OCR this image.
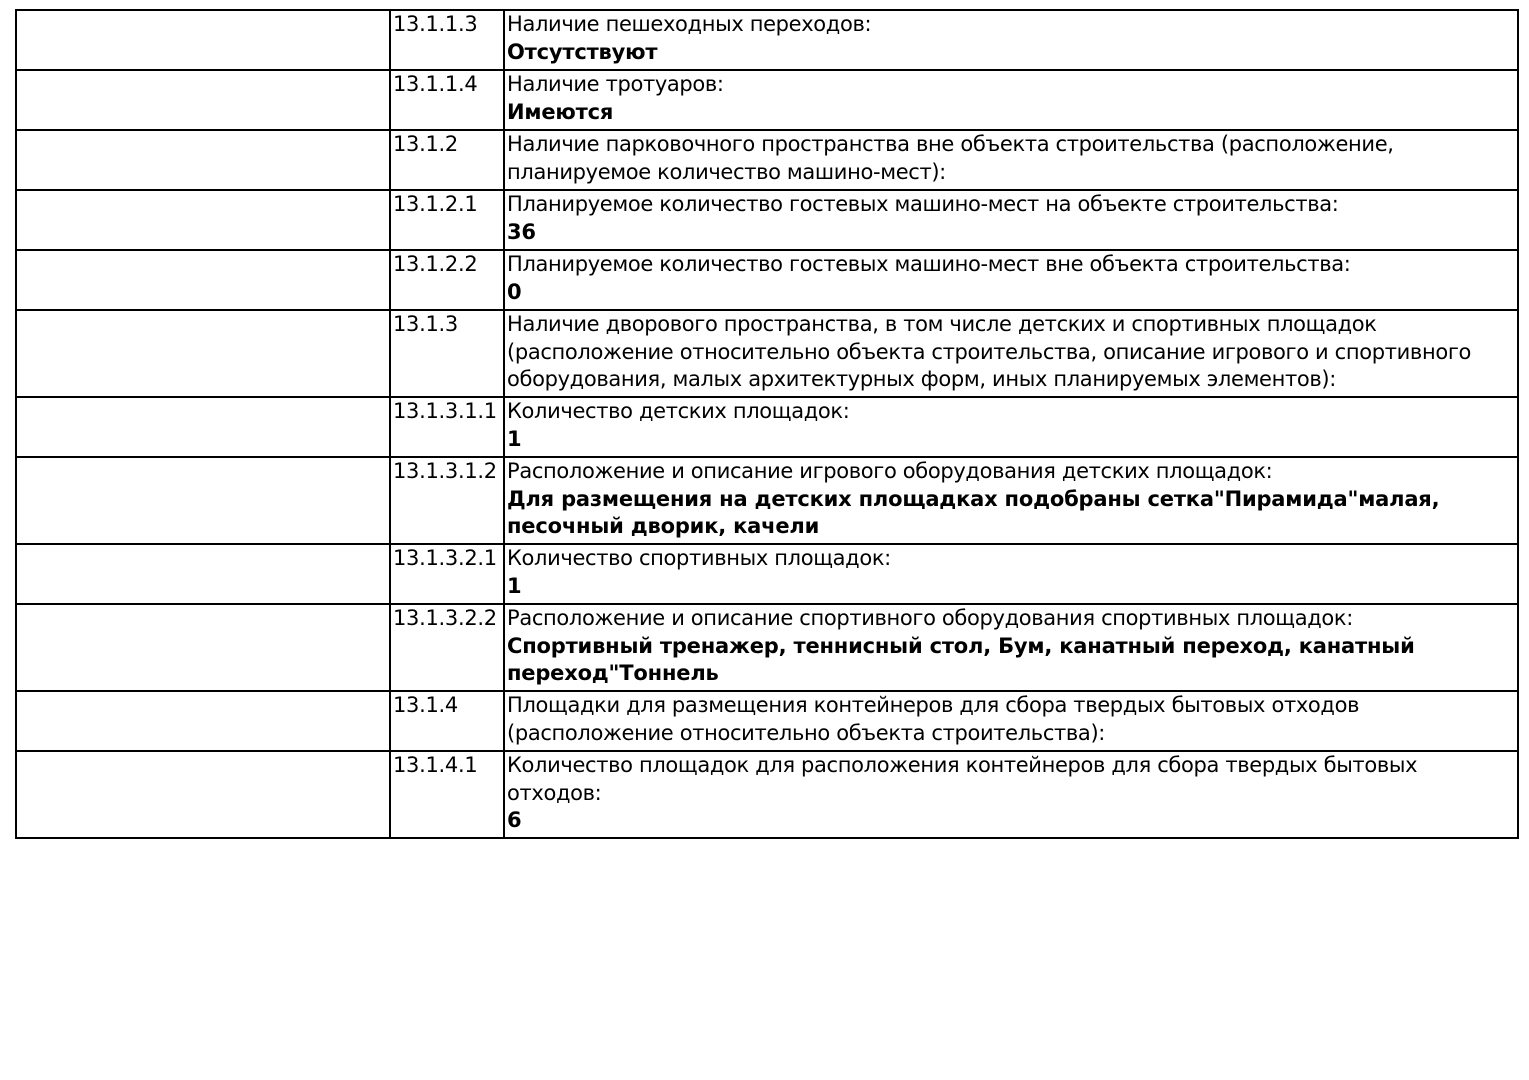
	13.1.1.3	Наличие пешеходных переходов:
Отсутствуют

	13.1.1.4	Наличие тротуаров:
Имеются

	13.1.2	Наличие парковочного пространства вне объекта строительства (расположение, планируемое количество машино-мест):

	13.1.2.1	Планируемое количество гостевых машино-мест на объекте строительства:
36

	13.1.2.2	Планируемое количество гостевых машино-мест вне объекта строительства:
0

	13.1.3	Наличие дворового пространства, в том числе детских и спортивных площадок (расположение относительно объекта строительства, описание игрового и спортивного оборудования, малых архитектурных форм, иных планируемых элементов):

	13.1.3.1.1	Количество детских площадок:
1

	13.1.3.1.2	Расположение и описание игрового оборудования детских площадок:
Для размещения на детских площадках подобраны сетка"Пирамида"малая, песочный дворик, качели

	13.1.3.2.1	Количество спортивных площадок:
1

	13.1.3.2.2	Расположение и описание спортивного оборудования спортивных площадок:
Спортивный тренажер, теннисный стол, Бум, канатный переход, канатный переход"Тоннель

	13.1.4	Площадки для размещения контейнеров для сбора твердых бытовых отходов (расположение относительно объекта строительства):

	13.1.4.1	Количество площадок для расположения контейнеров для сбора твердых бытовых отходов:
6
